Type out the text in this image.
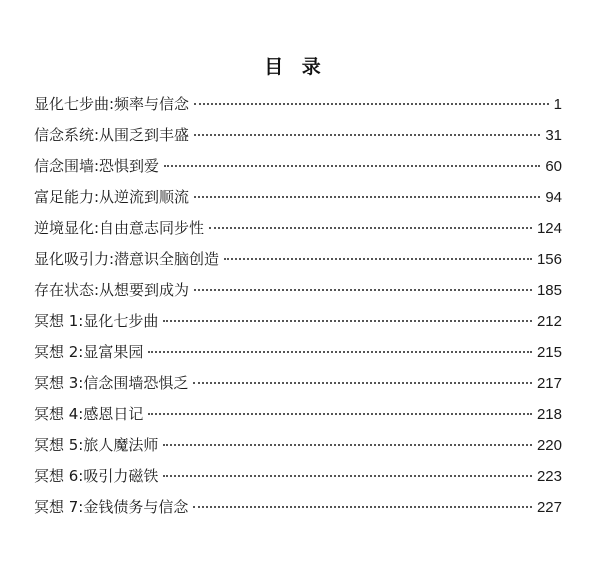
目 录
显化七步曲:频率与信念	1
信念系统:从围乏到丰盛	31
信念围墙:恐惧到爱	60
富足能力:从逆流到顺流	94
逆境显化:自由意志同步性	124
显化吸引力:潜意识全脑创造	156
存在状态:从想要到成为	185
冥想 1:显化七步曲	212
冥想 2:显富果园	215
冥想 3:信念围墙恐惧乏	217
冥想 4:感恩日记	218
冥想 5:旅人魔法师	220
冥想 6:吸引力磁铁	223
冥想 7:金钱债务与信念	227
